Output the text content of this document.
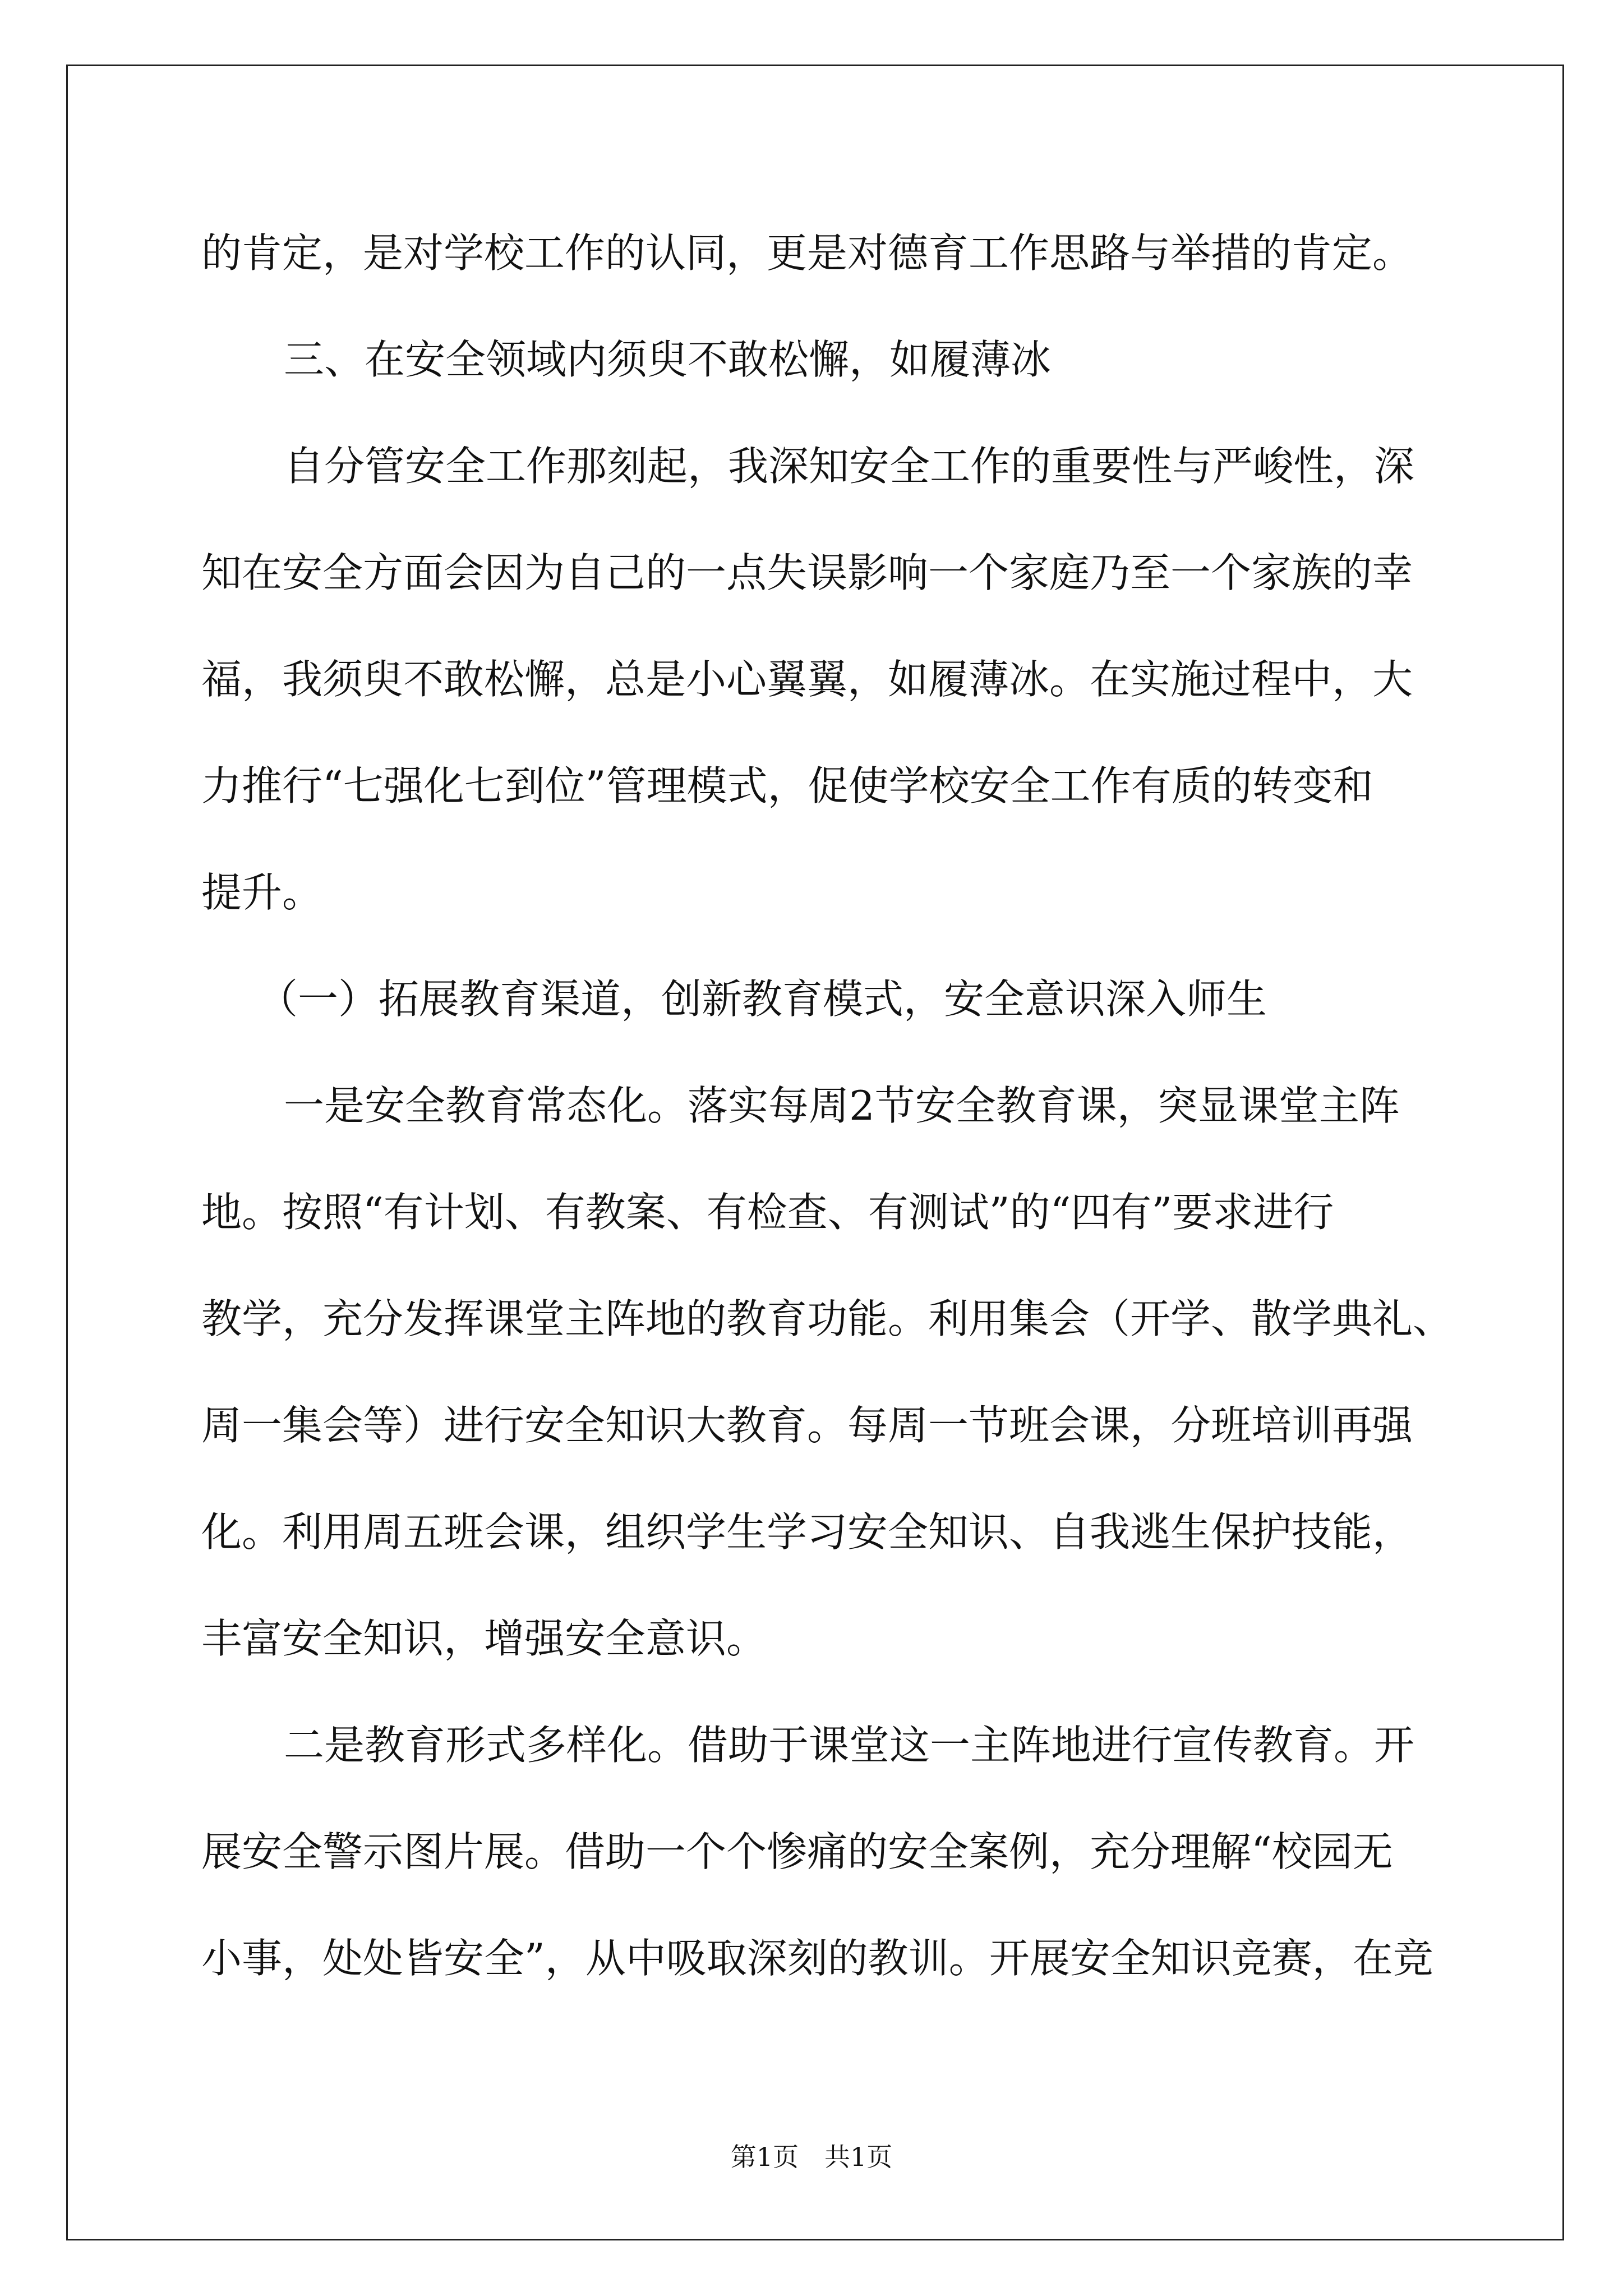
的肯定，是对学校工作的认同，更是对德育工作思路与举措的肯定。
三、在安全领域内须臾不敢松懈，如履薄冰
自分管安全工作那刻起，我深知安全工作的重要性与严峻性，深
知在安全方面会因为自己的一点失误影响一个家庭乃至一个家族的幸
福，我须臾不敢松懈，总是小心翼翼，如履薄冰。在实施过程中，大
力推行“七强化七到位”管理模式，促使学校安全工作有质的转变和
提升。
（一）拓展教育渠道，创新教育模式，安全意识深入师生
一是安全教育常态化。落实每周2节安全教育课，突显课堂主阵
地。按照“有计划、有教案、有检查、有测试”的“四有”要求进行
教学，充分发挥课堂主阵地的教育功能。利用集会（开学、散学典礼、
周一集会等）进行安全知识大教育。每周一节班会课，分班培训再强
化。利用周五班会课，组织学生学习安全知识、自我逃生保护技能，
丰富安全知识，增强安全意识。
二是教育形式多样化。借助于课堂这一主阵地进行宣传教育。开
展安全警示图片展。借助一个个惨痛的安全案例，充分理解“校园无
小事，处处皆安全”，从中吸取深刻的教训。开展安全知识竞赛，在竞
第1页　共1页
